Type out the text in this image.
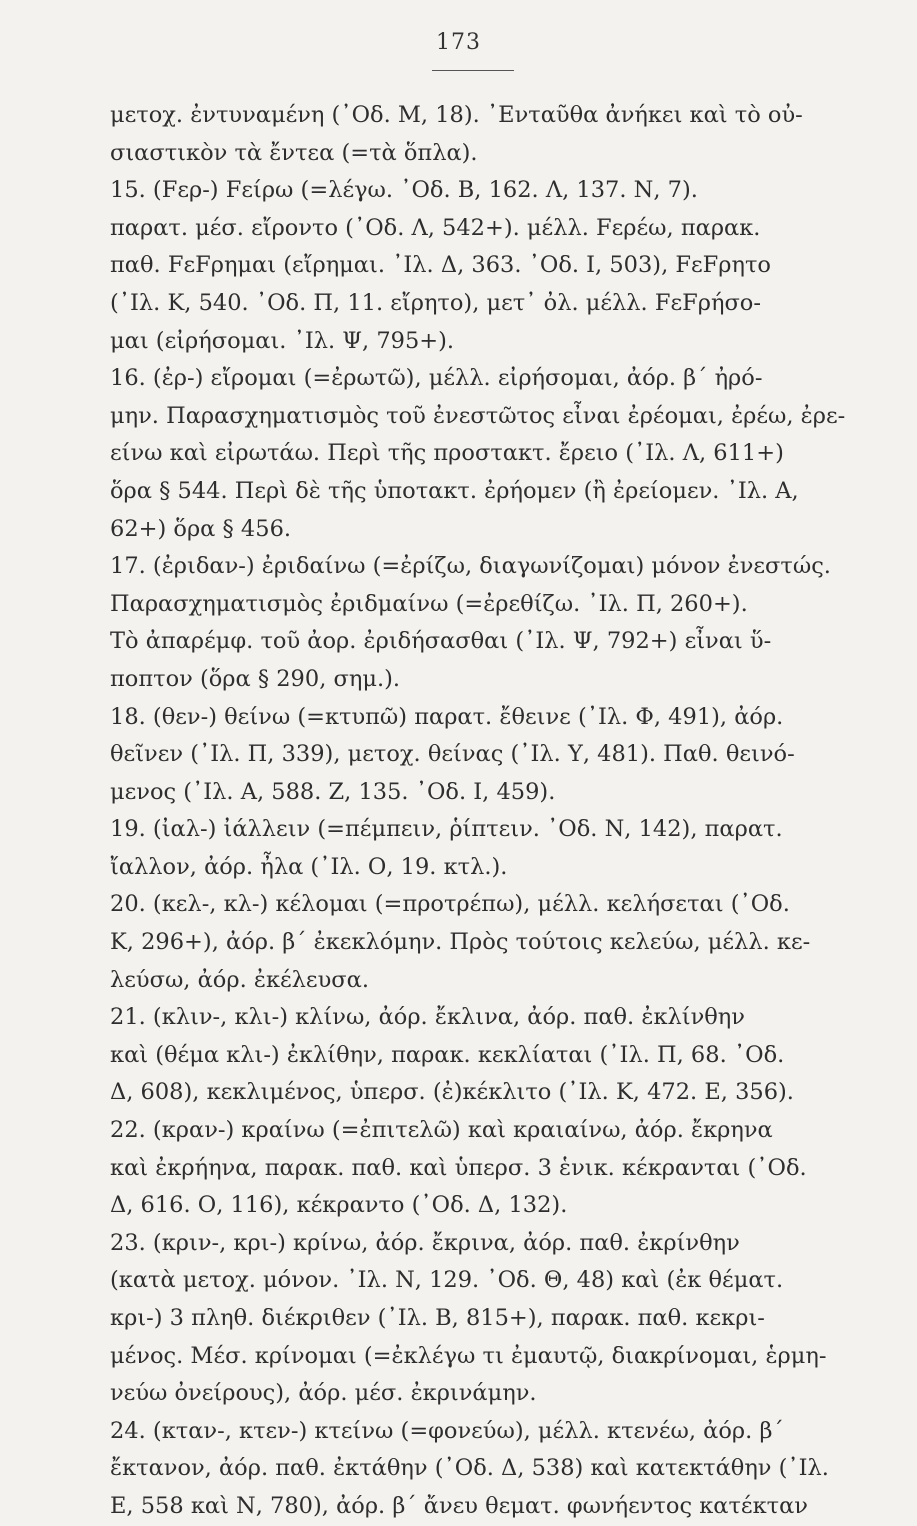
173
μετοχ. ἐντυναμένη (᾿Οδ. Μ, 18). ᾿Ενταῦθα ἀνήκει καὶ τὸ οὐ-
σιαστικὸν τὰ ἔντεα (=τὰ ὅπλα).
15. (Fερ-) Fείρω (=λέγω. ᾿Οδ. Β, 162. Λ, 137. Ν, 7).
παρατ. μέσ. εἴροντο (᾿Οδ. Λ, 542+). μέλλ. Fερέω, παρακ.
παθ. FεFρημαι (εἴρημαι. ᾿Ιλ. Δ, 363. ᾿Οδ. Ι, 503), FεFρητο
(᾿Ιλ. Κ, 540. ᾿Οδ. Π, 11. εἴρητο), μετ᾿ ὀλ. μέλλ. FεFρήσο-
μαι (εἰρήσομαι. ᾿Ιλ. Ψ, 795+).
16. (ἐρ-) εἴρομαι (=ἐρωτῶ), μέλλ. εἰρήσομαι, ἀόρ. β΄ ἠρό-
μην. Παρασχηματισμὸς τοῦ ἐνεστῶτος εἶναι ἐρέομαι, ἐρέω, ἐρε-
είνω καὶ εἰρωτάω. Περὶ τῆς προστακτ. ἔρειο (᾿Ιλ. Λ, 611+)
ὅρα § 544. Περὶ δὲ τῆς ὑποτακτ. ἐρήομεν (ἢ ἐρείομεν. ᾿Ιλ. Α,
62+) ὅρα § 456.
17. (ἐριδαν-) ἐριδαίνω (=ἐρίζω, διαγωνίζομαι) μόνον ἐνεστώς.
Παρασχηματισμὸς ἐριδμαίνω (=ἐρεθίζω. ᾿Ιλ. Π, 260+).
Τὸ ἀπαρέμφ. τοῦ ἀορ. ἐριδήσασθαι (᾿Ιλ. Ψ, 792+) εἶναι ὕ-
ποπτον (ὅρα § 290, σημ.).
18. (θεν-) θείνω (=κτυπῶ) παρατ. ἔθεινε (᾿Ιλ. Φ, 491), ἀόρ.
θεῖνεν (᾿Ιλ. Π, 339), μετοχ. θείνας (᾿Ιλ. Υ, 481). Παθ. θεινό-
μενος (᾿Ιλ. Α, 588. Ζ, 135. ᾿Οδ. Ι, 459).
19. (ἰαλ-) ἰάλλειν (=πέμπειν, ῥίπτειν. ᾿Οδ. Ν, 142), παρατ.
ἴαλλον, ἀόρ. ἦλα (᾿Ιλ. Ο, 19. κτλ.).
20. (κελ-, κλ-) κέλομαι (=προτρέπω), μέλλ. κελήσεται (᾿Οδ.
Κ, 296+), ἀόρ. β΄ ἐκεκλόμην. Πρὸς τούτοις κελεύω, μέλλ. κε-
λεύσω, ἀόρ. ἐκέλευσα.
21. (κλιν-, κλι-) κλίνω, ἀόρ. ἔκλινα, ἀόρ. παθ. ἐκλίνθην
καὶ (θέμα κλι-) ἐκλίθην, παρακ. κεκλίαται (᾿Ιλ. Π, 68. ᾿Οδ.
Δ, 608), κεκλιμένος, ὑπερσ. (ἐ)κέκλιτο (᾿Ιλ. Κ, 472. Ε, 356).
22. (κραν-) κραίνω (=ἐπιτελῶ) καὶ κραιαίνω, ἀόρ. ἔκρηνα
καὶ ἐκρήηνα, παρακ. παθ. καὶ ὑπερσ. 3 ἑνικ. κέκρανται (᾿Οδ.
Δ, 616. Ο, 116), κέκραντο (᾿Οδ. Δ, 132).
23. (κριν-, κρι-) κρίνω, ἀόρ. ἔκρινα, ἀόρ. παθ. ἐκρίνθην
(κατὰ μετοχ. μόνον. ᾿Ιλ. Ν, 129. ᾿Οδ. Θ, 48) καὶ (ἐκ θέματ.
κρι-) 3 πληθ. διέκριθεν (᾿Ιλ. Β, 815+), παρακ. παθ. κεκρι-
μένος. Μέσ. κρίνομαι (=ἐκλέγω τι ἐμαυτῷ, διακρίνομαι, ἑρμη-
νεύω ὀνείρους), ἀόρ. μέσ. ἐκρινάμην.
24. (κταν-, κτεν-) κτείνω (=φονεύω), μέλλ. κτενέω, ἀόρ. β΄
ἔκτανον, ἀόρ. παθ. ἐκτάθην (᾿Οδ. Δ, 538) καὶ κατεκτάθην (᾿Ιλ.
Ε, 558 καὶ Ν, 780), ἀόρ. β΄ ἄνευ θεματ. φωνήεντος κατέκταν
